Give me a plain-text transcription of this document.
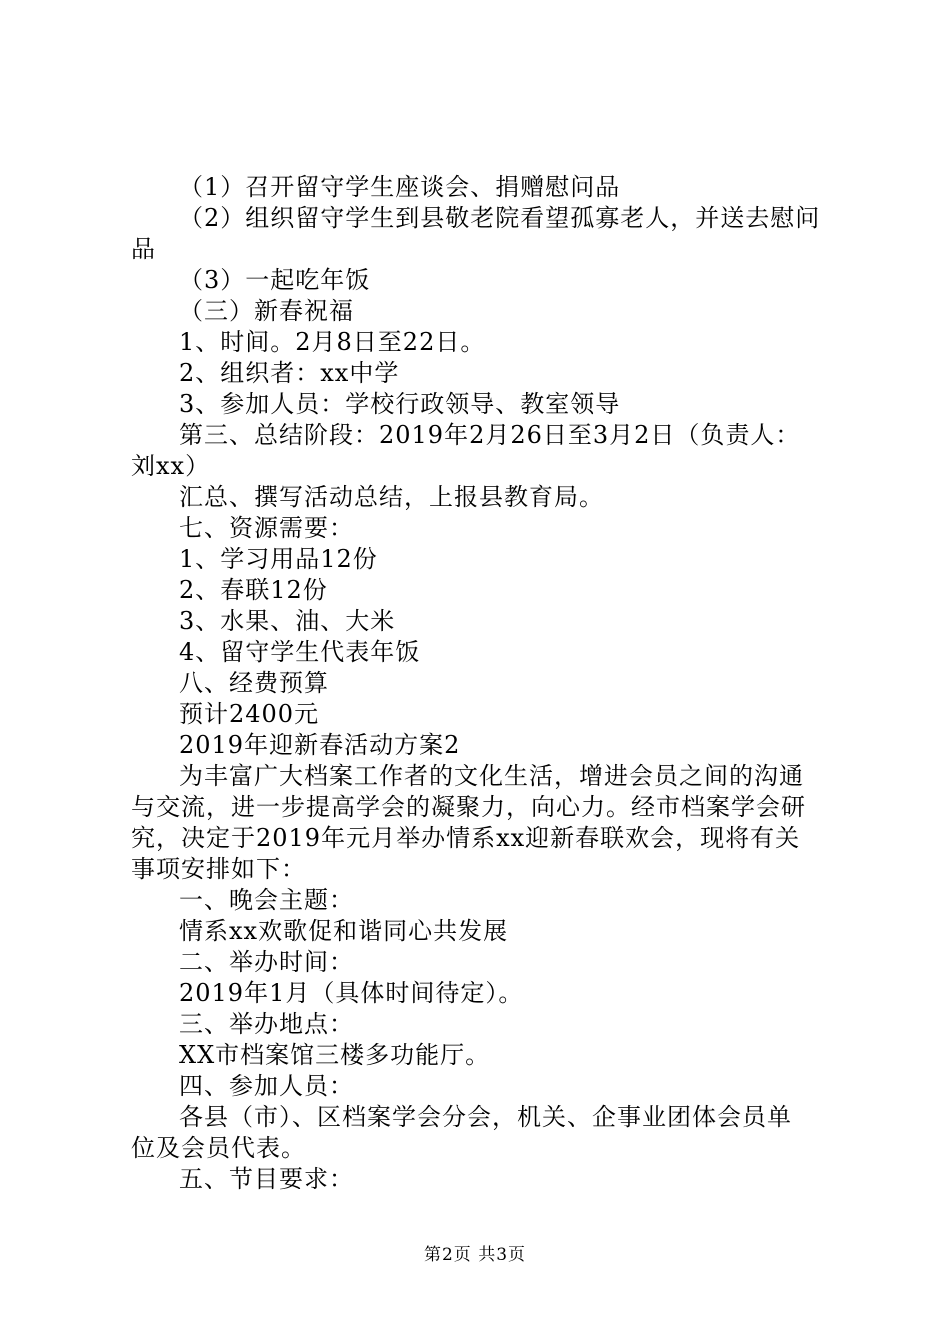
（1）召开留守学生座谈会、捐赠慰问品
（2）组织留守学生到县敬老院看望孤寡老人，并送去慰问
品
（3）一起吃年饭
（三）新春祝福
1、时间。2月8日至22日。
2、组织者：xx中学
3、参加人员：学校行政领导、教室领导
第三、总结阶段：2019年2月26日至3月2日（负责人：
刘xx）
汇总、撰写活动总结，上报县教育局。
七、资源需要：
1、学习用品12份
2、春联12份
3、水果、油、大米
4、留守学生代表年饭
八、经费预算
预计2400元
2019年迎新春活动方案2
为丰富广大档案工作者的文化生活，增进会员之间的沟通
与交流，进一步提高学会的凝聚力，向心力。经市档案学会研
究，决定于2019年元月举办情系xx迎新春联欢会，现将有关
事项安排如下：
一、晚会主题：
情系xx欢歌促和谐同心共发展
二、举办时间：
2019年1月（具体时间待定）。
三、举办地点：
XX市档案馆三楼多功能厅。
四、参加人员：
各县（市）、区档案学会分会，机关、企事业团体会员单
位及会员代表。
五、节目要求：
第2页 共3页
